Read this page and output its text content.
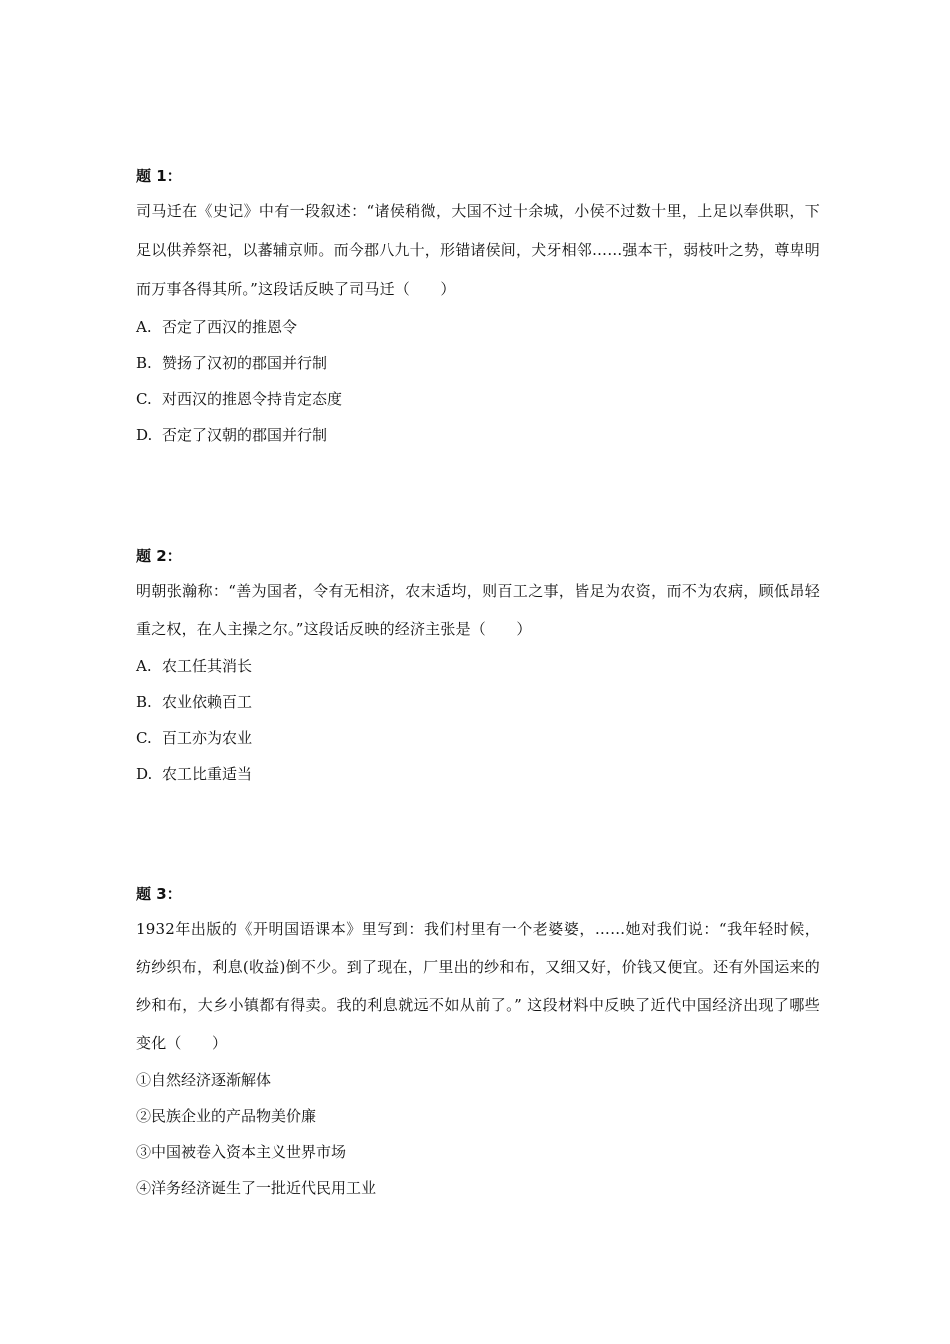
题 1：

司马迁在《史记》中有一段叙述：“诸侯稍微，大国不过十余城，小侯不过数十里，上足以奉供职，下足以供养祭祀，以蕃辅京师。而今郡八九十，形错诸侯间，犬牙相邻……强本干，弱枝叶之势，尊卑明而万事各得其所。”这段话反映了司马迁（　　）

A. 否定了西汉的推恩令
B. 赞扬了汉初的郡国并行制
C. 对西汉的推恩令持肯定态度
D. 否定了汉朝的郡国并行制
题 2：

明朝张瀚称：“善为国者，令有无相济，农末适均，则百工之事，皆足为农资，而不为农病，顾低昂轻重之权，在人主操之尔。”这段话反映的经济主张是（　　）

A. 农工任其消长
B. 农业依赖百工
C. 百工亦为农业
D. 农工比重适当
题 3：

1932年出版的《开明国语课本》里写到：我们村里有一个老婆婆，……她对我们说：“我年轻时候，纺纱织布，利息(收益)倒不少。到了现在，厂里出的纱和布，又细又好，价钱又便宜。还有外国运来的纱和布，大乡小镇都有得卖。我的利息就远不如从前了。” 这段材料中反映了近代中国经济出现了哪些变化（　　）

①自然经济逐渐解体
②民族企业的产品物美价廉
③中国被卷入资本主义世界市场
④洋务经济诞生了一批近代民用工业
